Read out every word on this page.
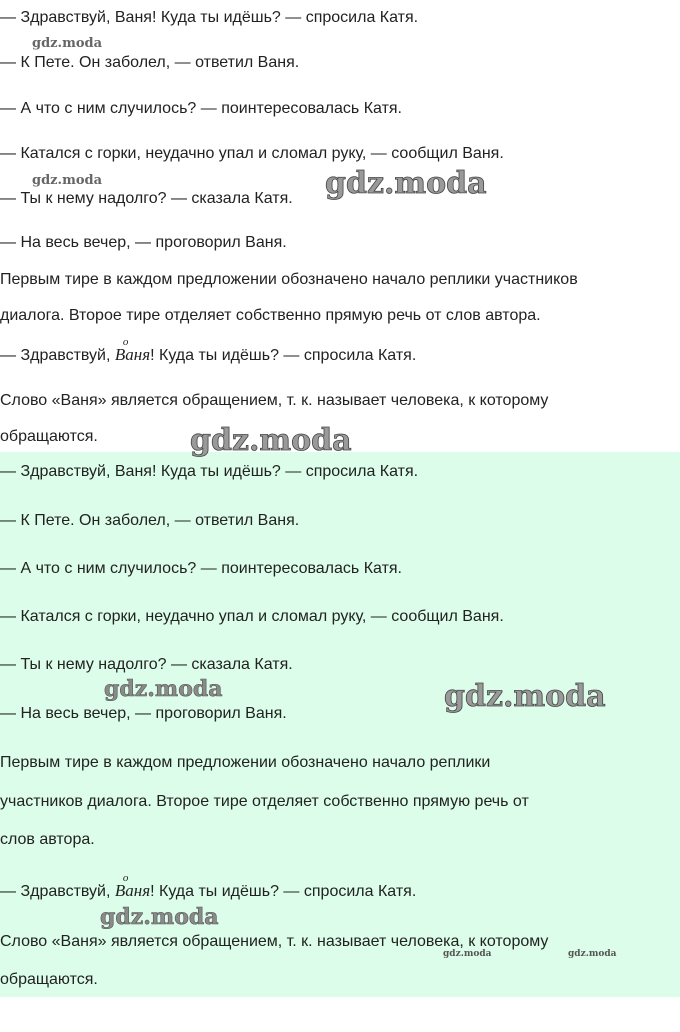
— Здравствуй, Ваня! Куда ты идёшь? — спросила Катя.

— К Пете. Он заболел, — ответил Ваня.

— А что с ним случилось? — поинтересовалась Катя.

— Катался с горки, неудачно упал и сломал руку, — сообщил Ваня.

— Ты к нему надолго? — сказала Катя.

— На весь вечер, — проговорил Ваня.

Первым тире в каждом предложении обозначено начало реплики участников

диалога. Второе тире отделяет собственно прямую речь от слов автора.

— Здравствуй,
о
Ваня! Куда ты идёшь? — спросила Катя.

Слово «Ваня» является обращением, т. к. называет человека, к которому

обращаются.

— Здравствуй, Ваня! Куда ты идёшь? — спросила Катя.

— К Пете. Он заболел, — ответил Ваня.

— А что с ним случилось? — поинтересовалась Катя.

— Катался с горки, неудачно упал и сломал руку, — сообщил Ваня.

— Ты к нему надолго? — сказала Катя.

— На весь вечер, — проговорил Ваня.

Первым тире в каждом предложении обозначено начало реплики

участников диалога. Второе тире отделяет собственно прямую речь от

слов автора.

— Здравствуй,
о
Ваня! Куда ты идёшь? — спросила Катя.

Слово «Ваня» является обращением, т. к. называет человека, к которому

обращаются.

gdz.moda
gdz.moda	gdz.moda
gdz.moda
gdz.moda	gdz.moda
gdz.moda
gdz.moda	gdz.moda
